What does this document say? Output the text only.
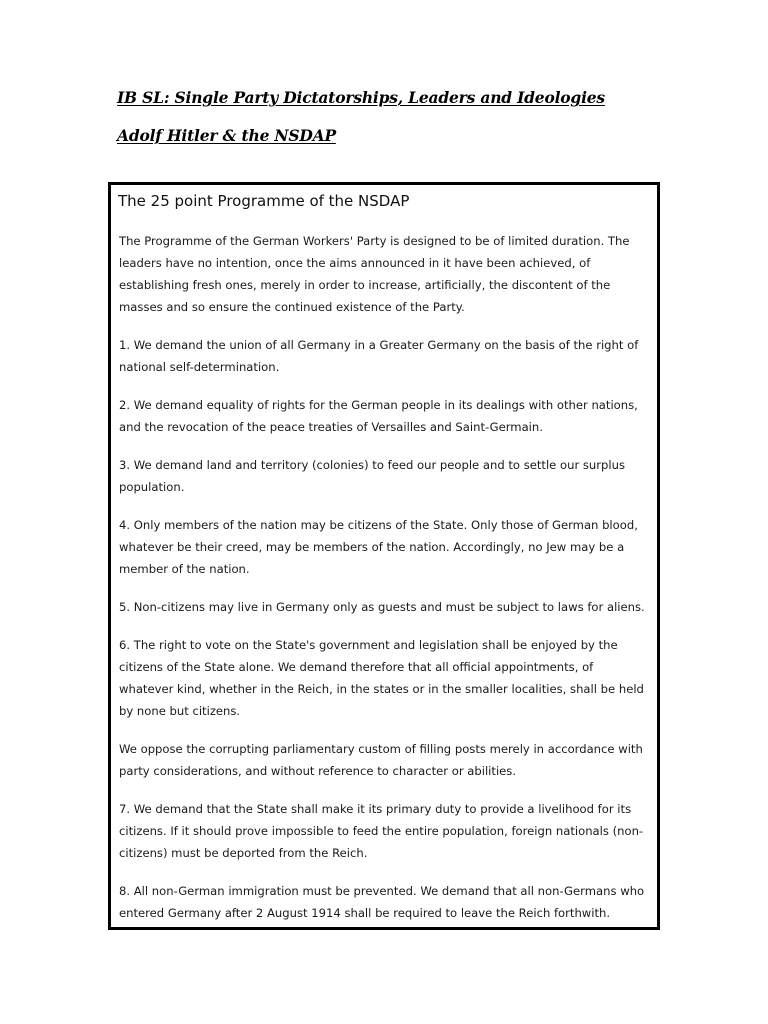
IB SL: Single Party Dictatorships, Leaders and Ideologies
Adolf Hitler & the NSDAP
The 25 point Programme of the NSDAP

The Programme of the German Workers' Party is designed to be of limited duration. The leaders have no intention, once the aims announced in it have been achieved, of establishing fresh ones, merely in order to increase, artificially, the discontent of the masses and so ensure the continued existence of the Party.

1. We demand the union of all Germany in a Greater Germany on the basis of the right of national self-determination.

2. We demand equality of rights for the German people in its dealings with other nations, and the revocation of the peace treaties of Versailles and Saint-Germain.

3. We demand land and territory (colonies) to feed our people and to settle our surplus population.

4. Only members of the nation may be citizens of the State. Only those of German blood, whatever be their creed, may be members of the nation. Accordingly, no Jew may be a member of the nation.

5. Non-citizens may live in Germany only as guests and must be subject to laws for aliens.

6. The right to vote on the State's government and legislation shall be enjoyed by the citizens of the State alone. We demand therefore that all official appointments, of whatever kind, whether in the Reich, in the states or in the smaller localities, shall be held by none but citizens.

We oppose the corrupting parliamentary custom of filling posts merely in accordance with party considerations, and without reference to character or abilities.

7. We demand that the State shall make it its primary duty to provide a livelihood for its citizens. If it should prove impossible to feed the entire population, foreign nationals (non-citizens) must be deported from the Reich.

8. All non-German immigration must be prevented. We demand that all non-Germans who entered Germany after 2 August 1914 shall be required to leave the Reich forthwith.
